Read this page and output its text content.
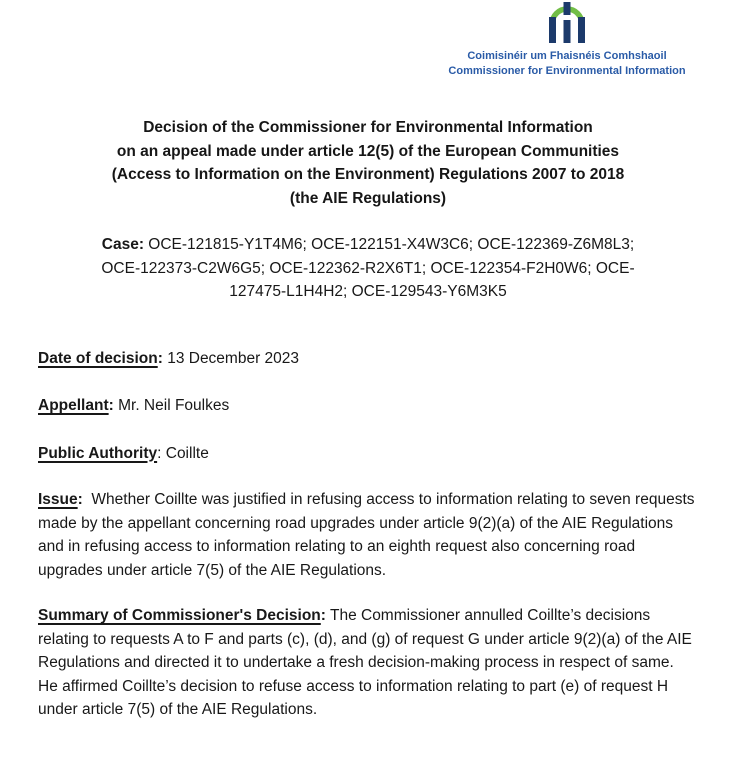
Coimisinéir um Fhaisnéis Comhshaoil
Commissioner for Environmental Information
Decision of the Commissioner for Environmental Information
on an appeal made under article 12(5) of the European Communities
(Access to Information on the Environment) Regulations 2007 to 2018
(the AIE Regulations)

Case: OCE-121815-Y1T4M6; OCE-122151-X4W3C6; OCE-122369-Z6M8L3; OCE-122373-C2W6G5; OCE-122362-R2X6T1; OCE-122354-F2H0W6; OCE-127475-L1H4H2; OCE-129543-Y6M3K5

Date of decision: 13 December 2023

Appellant: Mr. Neil Foulkes

Public Authority: Coillte

Issue:  Whether Coillte was justified in refusing access to information relating to seven requests made by the appellant concerning road upgrades under article 9(2)(a) of the AIE Regulations and in refusing access to information relating to an eighth request also concerning road upgrades under article 7(5) of the AIE Regulations.

Summary of Commissioner's Decision: The Commissioner annulled Coillte’s decisions relating to requests A to F and parts (c), (d), and (g) of request G under article 9(2)(a) of the AIE Regulations and directed it to undertake a fresh decision-making process in respect of same.  He affirmed Coillte’s decision to refuse access to information relating to part (e) of request H under article 7(5) of the AIE Regulations.
